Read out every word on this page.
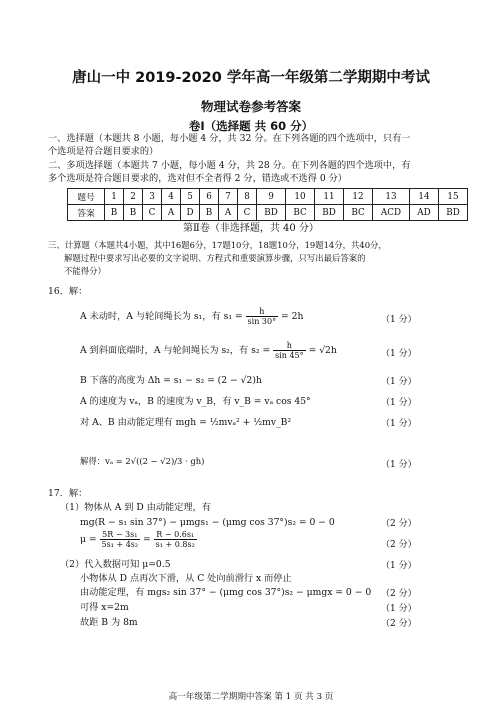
唐山一中 2019-2020 学年高一年级第二学期期中考试
物理试卷参考答案
卷Ⅰ（选择题 共 60 分）
一、选择题（本题共 8 小题，每小题 4 分，共 32 分。在下列各题的四个选项中，只有一
个选项是符合题目要求的）
二、多项选择题（本题共 7 小题，每小题 4 分，共 28 分。在下列各题的四个选项中，有
多个选项是符合题目要求的，选对但不全者得 2 分，错选或不选得 0 分）
题号	1	2	3	4	5	6	7	8	9	10	11	12	13	14	15
答案	B	B	C	A	D	B	A	C	BD	BC	BD	BC	ACD	AD	BD
第Ⅱ卷（非选择题，共 40 分）
三、计算题（本题共4小题，其中16题6分，17题10分，18题10分，19题14分，共40分，
解题过程中要求写出必要的文字说明、方程式和重要演算步骤，只写出最后答案的
不能得分）
16．解：
A 未动时，A 与轮间绳长为 s₁，有 $s_1 = \frac{h}{\sin 30^\circ} = 2h$	（1 分）
A 到斜面底端时，A 与轮间绳长为 s₂，有 $s_2 = \frac{h}{\sin 45^\circ} = √2h$	（1 分）
B 下落的高度为 Δh = s₁ − s₂ = (2 − √2)h	（1 分）
A 的速度为 vₐ，B 的速度为 v_B，有 v_B = vₐ cos 45°	（1 分）
对 A、B 由动能定理有 mgh = ½mvₐ² + ½mv_B²	（1 分）
解得：vₐ = 2√((2 − √2)/3 · gh)	（1 分）
17．解：
（1）物体从 A 到 D 由动能定理，有
mg(R − s₁ sin 37°) − μmgs₁ − (μmg cos 37°)s₂ = 0 − 0	（2 分）
$\mu = \frac{\text{5R − 3s₁}}{\text{5s₁ + 4s₂}} = \frac{\text{R − 0.6s₁}}{\text{s₁ + 0.8s₂}}$	（2 分）
（2）代入数据可知 μ=0.5	（1 分）
小物体从 D 点再次下滑，从 C 处向前滑行 x 而停止
由动能定理，有 mgs₂ sin 37° − (μmg cos 37°)s₂ − μmgx = 0 − 0 （2 分）
可得 x=2m	（1 分）
故距 B 为 8m	（2 分）
高一年级第二学期期中答案 第 1 页 共 3 页
